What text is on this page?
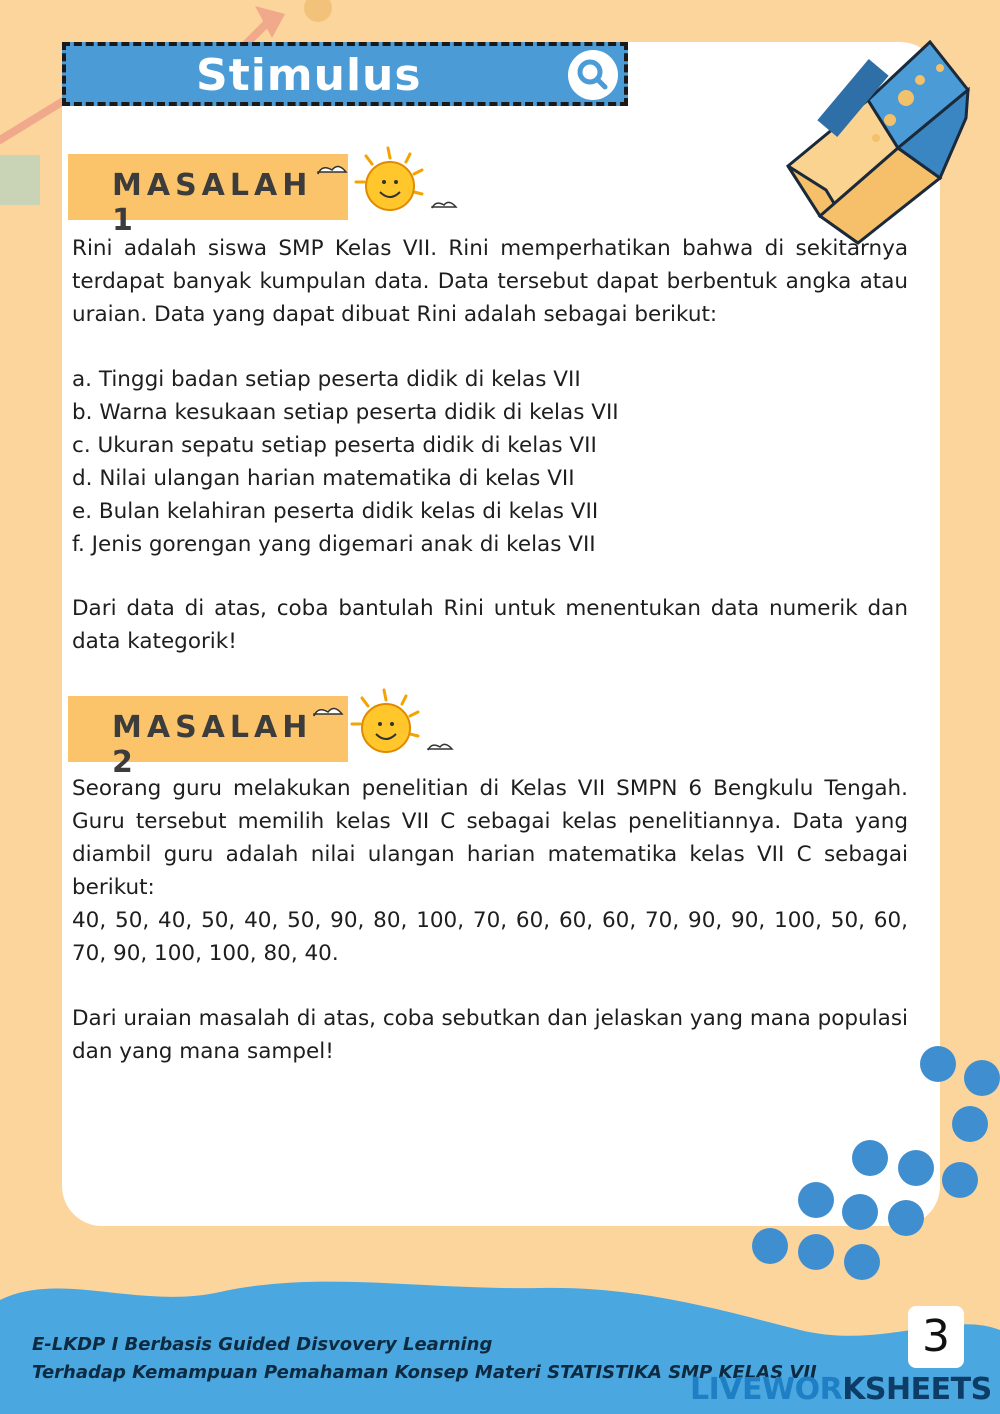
Stimulus
MASALAH 1

Rini adalah siswa SMP Kelas VII. Rini memperhatikan bahwa di sekitarnya terdapat banyak kumpulan data. Data tersebut dapat berbentuk angka atau uraian. Data yang dapat dibuat Rini adalah sebagai berikut:

a. Tinggi badan setiap peserta didik di kelas VII
b. Warna kesukaan setiap peserta didik di kelas VII
c. Ukuran sepatu setiap peserta didik di kelas VII
d. Nilai ulangan harian matematika di kelas VII
e. Bulan kelahiran peserta didik kelas di kelas VII
f. Jenis gorengan yang digemari anak di kelas VII

Dari data di atas, coba bantulah Rini untuk menentukan data numerik dan data kategorik!

MASALAH 2

Seorang guru melakukan penelitian di Kelas VII SMPN 6 Bengkulu Tengah. Guru tersebut memilih kelas VII C sebagai kelas penelitiannya. Data yang diambil guru adalah nilai ulangan harian matematika kelas VII C sebagai berikut:

40, 50, 40, 50, 40, 50, 90, 80, 100, 70, 60, 60, 60, 70, 90, 90, 100, 50, 60, 70, 90, 100, 100, 80, 40.

Dari uraian masalah di atas, coba sebutkan dan jelaskan yang mana populasi dan yang mana sampel!

E-LKDP I Berbasis Guided Disvovery Learning
Terhadap Kemampuan Pemahaman Konsep Materi STATISTIKA SMP KELAS VII
3
LIVEWORKSHEETS
